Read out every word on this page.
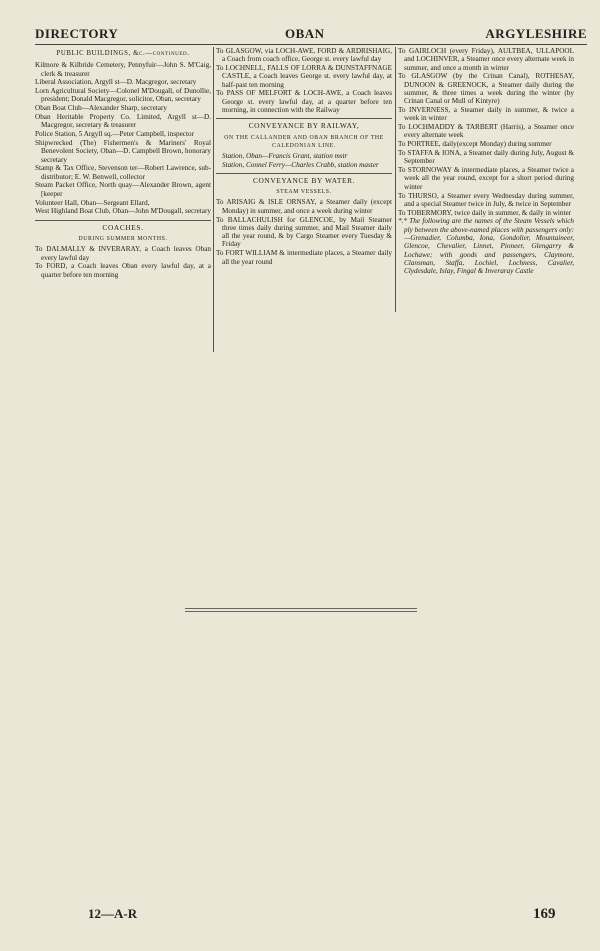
DIRECTORY	OBAN	ARGYLESHIRE
PUBLIC BUILDINGS, &c.—continued.

Kilmore & Kilbride Cemetery, Pennyfuir—John S. M'Caig, clerk & treasurer

Liberal Association, Argyll st—D. Macgregor, secretary

Lorn Agricultural Society—Colonel M'Dougall, of Dunollie, president; Donald Macgregor, solicitor, Oban, secretary

Oban Boat Club—Alexander Sharp, secretary

Oban Heritable Property Co. Limited, Argyll st—D. Macgregor, secretary & treasurer

Police Station, 5 Argyll sq.—Peter Campbell, inspector

Shipwrecked (The) Fishermen's & Mariners' Royal Benevolent Society, Oban—D. Campbell Brown, honorary secretary

Stamp & Tax Office, Stevenson ter—Robert Lawrence, sub-distributor; E. W. Benwell, collector

Steam Packet Office, North quay—Alexander Brown, agent [keeper

Volunteer Hall, Oban—Sergeant Ellard,

West Highland Boat Club, Oban—John M'Dougall, secretary

COACHES.
DURING SUMMER MONTHS.

To DALMALLY & INVERARAY, a Coach leaves Oban every lawful day

To FORD, a Coach leaves Oban every lawful day, at a quarter before ten morning

To GLASGOW, via LOCH-AWE, FORD & ARDRISHAIG, a Coach from coach office, George st. every lawful day

To LOCHNELL, FALLS OF LORRA & DUNSTAFFNAGE CASTLE, a Coach leaves George st. every lawful day, at half-past ten morning

To PASS OF MELFORT & LOCH-AWE, a Coach leaves George st. every lawful day, at a quarter before ten morning, in connection with the Railway

CONVEYANCE BY RAILWAY,
ON THE CALLANDER AND OBAN BRANCH OF THE CALEDONIAN LINE.

Station, Oban—Francis Grant, station mstr

Station, Connel Ferry—Charles Crabb, station master

CONVEYANCE BY WATER.
STEAM VESSELS.

To ARISAIG & ISLE ORNSAY, a Steamer daily (except Monday) in summer, and once a week during winter

To BALLACHULISH for GLENCOE, by Mail Steamer three times daily during summer, and Mail Steamer daily all the year round, & by Cargo Steamer every Tuesday & Friday

To FORT WILLIAM & intermediate places, a Steamer daily all the year round

To GAIRLOCH (every Friday), AULTBEA, ULLAPOOL and LOCHINVER, a Steamer once every alternate week in summer, and once a month in winter

To GLASGOW (by the Crinan Canal), ROTHESAY, DUNOON & GREENOCK, a Steamer daily during the summer, & three times a week during the winter (by Crinan Canal or Mull of Kintyre)

To INVERNESS, a Steamer daily in summer, & twice a week in winter

To LOCHMADDY & TARBERT (Harris), a Steamer once every alternate week

To PORTREE, daily(except Monday) during summer

To STAFFA & IONA, a Steamer daily during July, August & September

To STORNOWAY & intermediate places, a Steamer twice a week all the year round, except for a short period during winter

To THURSO, a Steamer every Wednesday during summer, and a special Steamer twice in July, & twice in September

To TOBERMORY, twice daily in summer, & daily in winter

*.* The following are the names of the Steam Vessels which ply between the above-named places with passengers only:—Grenadier, Columba, Iona, Gondolier, Mountaineer, Glencoe, Chevalier, Linnet, Pioneer, Glengarry & Lochawe; with goods and passengers, Claymore, Clansman, Staffa, Lochiel, Lochness, Cavalier, Clydesdale, Islay, Fingal & Inveraray Castle

12—A-R	169
